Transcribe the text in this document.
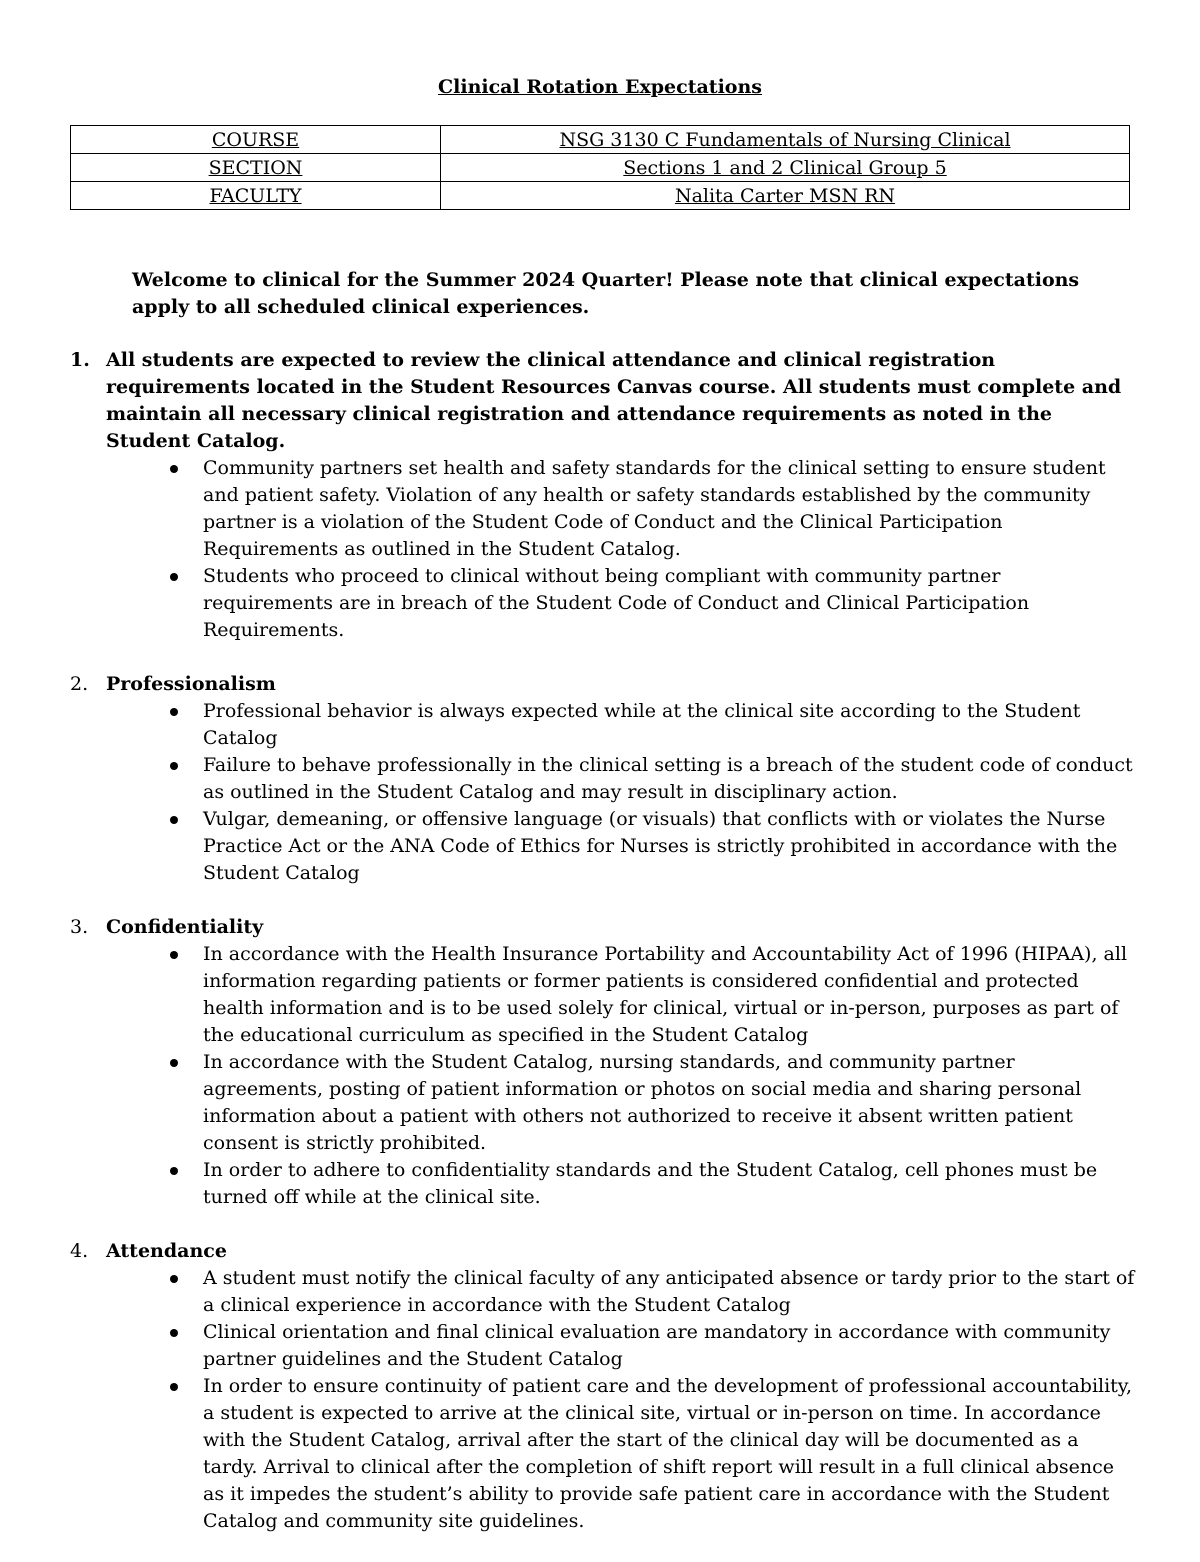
Clinical Rotation Expectations
COURSE	NSG 3130 C Fundamentals of Nursing Clinical
SECTION	Sections 1 and 2 Clinical Group 5
FACULTY	Nalita Carter MSN RN
Welcome to clinical for the Summer 2024 Quarter! Please note that clinical expectations apply to all scheduled clinical experiences.
1. All students are expected to review the clinical attendance and clinical registration requirements located in the Student Resources Canvas course. All students must complete and maintain all necessary clinical registration and attendance requirements as noted in the Student Catalog.
Community partners set health and safety standards for the clinical setting to ensure student and patient safety. Violation of any health or safety standards established by the community partner is a violation of the Student Code of Conduct and the Clinical Participation Requirements as outlined in the Student Catalog.
Students who proceed to clinical without being compliant with community partner requirements are in breach of the Student Code of Conduct and Clinical Participation Requirements.
2. Professionalism
Professional behavior is always expected while at the clinical site according to the Student Catalog
Failure to behave professionally in the clinical setting is a breach of the student code of conduct as outlined in the Student Catalog and may result in disciplinary action.
Vulgar, demeaning, or offensive language (or visuals) that conflicts with or violates the Nurse Practice Act or the ANA Code of Ethics for Nurses is strictly prohibited in accordance with the Student Catalog
3. Confidentiality
In accordance with the Health Insurance Portability and Accountability Act of 1996 (HIPAA), all information regarding patients or former patients is considered confidential and protected health information and is to be used solely for clinical, virtual or in-person, purposes as part of the educational curriculum as specified in the Student Catalog
In accordance with the Student Catalog, nursing standards, and community partner agreements, posting of patient information or photos on social media and sharing personal information about a patient with others not authorized to receive it absent written patient consent is strictly prohibited.
In order to adhere to confidentiality standards and the Student Catalog, cell phones must be turned off while at the clinical site.
4. Attendance
A student must notify the clinical faculty of any anticipated absence or tardy prior to the start of a clinical experience in accordance with the Student Catalog
Clinical orientation and final clinical evaluation are mandatory in accordance with community partner guidelines and the Student Catalog
In order to ensure continuity of patient care and the development of professional accountability, a student is expected to arrive at the clinical site, virtual or in-person on time. In accordance with the Student Catalog, arrival after the start of the clinical day will be documented as a tardy. Arrival to clinical after the completion of shift report will result in a full clinical absence as it impedes the student’s ability to provide safe patient care in accordance with the Student Catalog and community site guidelines.
